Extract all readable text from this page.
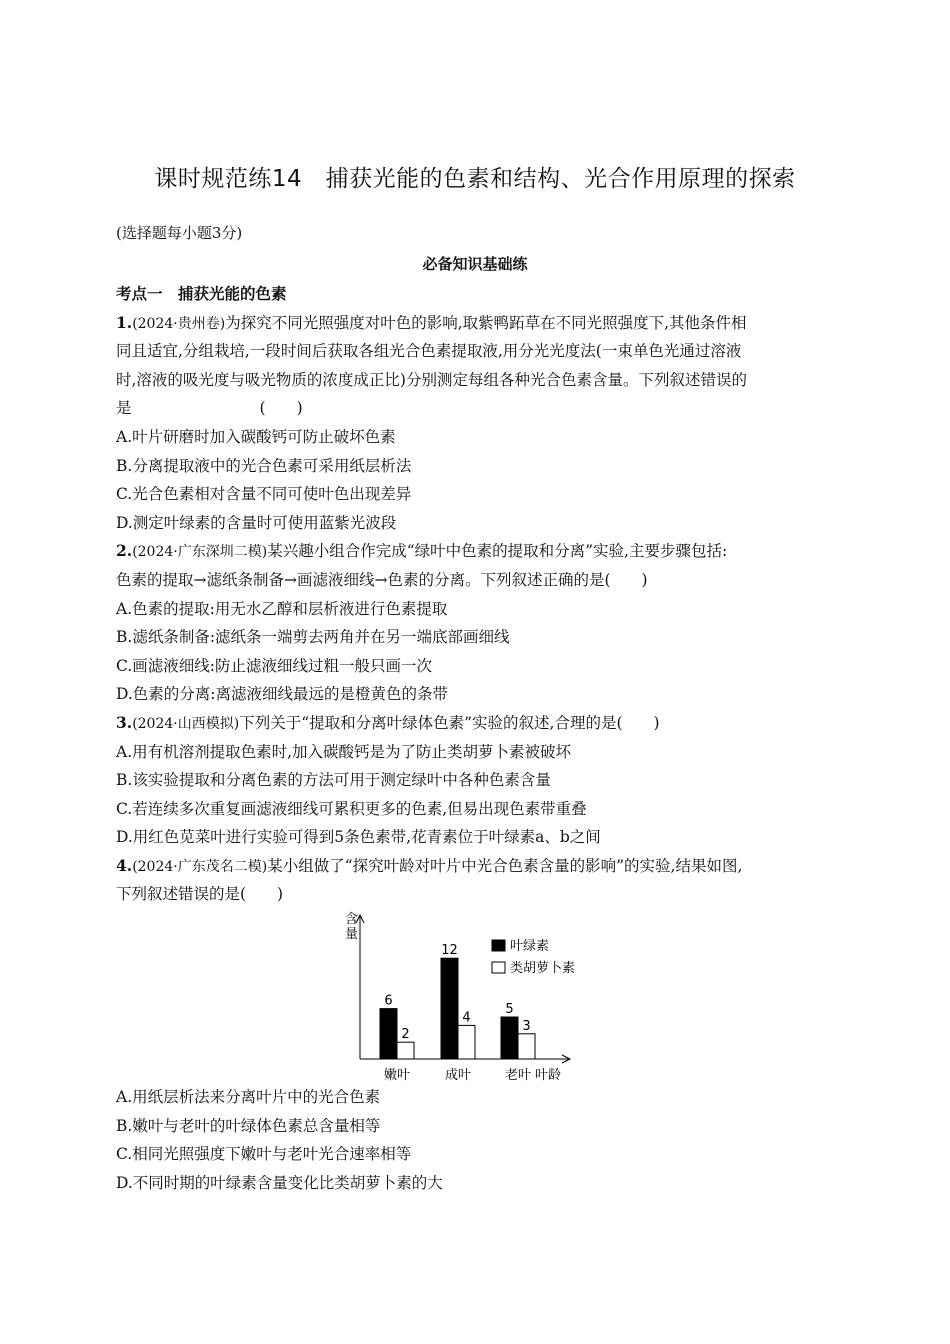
课时规范练14　捕获光能的色素和结构、光合作用原理的探索
(选择题每小题3分)
必备知识基础练
考点一　捕获光能的色素
1.(2024·贵州卷)为探究不同光照强度对叶色的影响,取紫鸭跖草在不同光照强度下,其他条件相
同且适宜,分组栽培,一段时间后获取各组光合色素提取液,用分光光度法(一束单色光通过溶液
时,溶液的吸光度与吸光物质的浓度成正比)分别测定每组各种光合色素含量。下列叙述错误的
是	(　　)
A.叶片研磨时加入碳酸钙可防止破坏色素
B.分离提取液中的光合色素可采用纸层析法
C.光合色素相对含量不同可使叶色出现差异
D.测定叶绿素的含量时可使用蓝紫光波段
2.(2024·广东深圳二模)某兴趣小组合作完成“绿叶中色素的提取和分离”实验,主要步骤包括:
色素的提取→滤纸条制备→画滤液细线→色素的分离。下列叙述正确的是(　　)
A.色素的提取:用无水乙醇和层析液进行色素提取
B.滤纸条制备:滤纸条一端剪去两角并在另一端底部画细线
C.画滤液细线:防止滤液细线过粗一般只画一次
D.色素的分离:离滤液细线最远的是橙黄色的条带
3.(2024·山西模拟)下列关于“提取和分离叶绿体色素”实验的叙述,合理的是(　　)
A.用有机溶剂提取色素时,加入碳酸钙是为了防止类胡萝卜素被破坏
B.该实验提取和分离色素的方法可用于测定绿叶中各种色素含量
C.若连续多次重复画滤液细线可累积更多的色素,但易出现色素带重叠
D.用红色苋菜叶进行实验可得到5条色素带,花青素位于叶绿素a、b之间
4.(2024·广东茂名二模)某小组做了“探究叶龄对叶片中光合色素含量的影响”的实验,结果如图,
下列叙述错误的是(　　)
含量
叶龄
6
2
嫩叶
12
4
成叶
5
3
老叶
叶绿素
类胡萝卜素
A.用纸层析法来分离叶片中的光合色素
B.嫩叶与老叶的叶绿体色素总含量相等
C.相同光照强度下嫩叶与老叶光合速率相等
D.不同时期的叶绿素含量变化比类胡萝卜素的大
